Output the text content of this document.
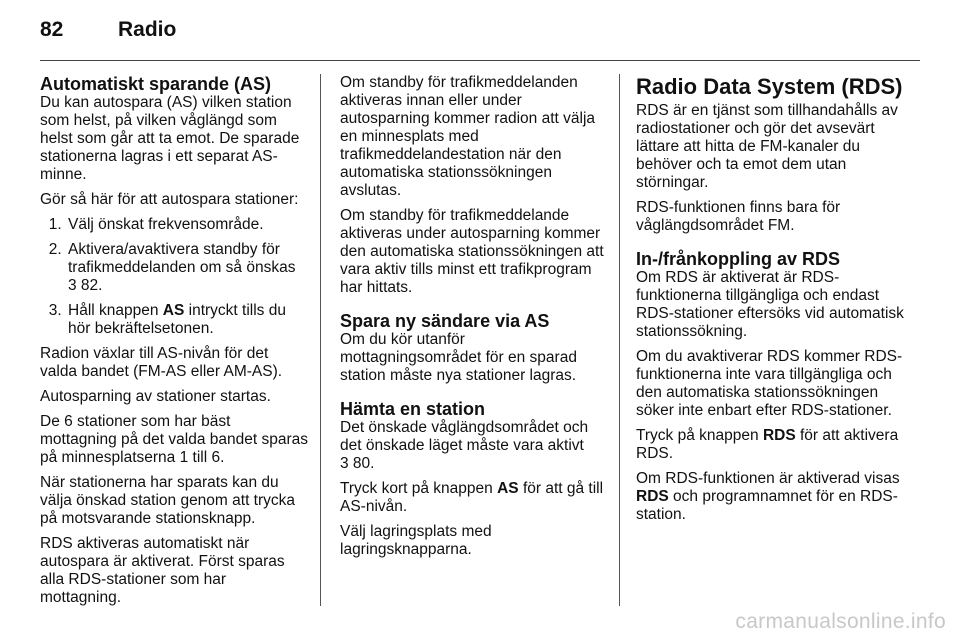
82	Radio
Automatiskt sparande (AS)

Du kan autospara (AS) vilken station som helst, på vilken våglängd som helst som går att ta emot. De sparade stationerna lagras i ett separat AS-minne.

Gör så här för att autospara stationer:

1. Välj önskat frekvensområde.
2. Aktivera/avaktivera standby för trafikmeddelanden om så önskas 3 82.
3. Håll knappen AS intryckt tills du hör bekräftelsetonen.

Radion växlar till AS-nivån för det valda bandet (FM-AS eller AM-AS).

Autosparning av stationer startas.

De 6 stationer som har bäst mottagning på det valda bandet sparas på minnesplatserna 1 till 6.

När stationerna har sparats kan du välja önskad station genom att trycka på motsvarande stationsknapp.

RDS aktiveras automatiskt när autospara är aktiverat. Först sparas alla RDS-stationer som har mottagning.

Om standby för trafikmeddelanden aktiveras innan eller under autosparning kommer radion att välja en minnesplats med trafikmeddelandestation när den automatiska stationssökningen avslutas.

Om standby för trafikmeddelande aktiveras under autosparning kommer den automatiska stationssökningen att vara aktiv tills minst ett trafikprogram har hittats.

Spara ny sändare via AS

Om du kör utanför mottagningsområdet för en sparad station måste nya stationer lagras.

Hämta en station

Det önskade våglängdsområdet och det önskade läget måste vara aktivt
3 80.

Tryck kort på knappen AS för att gå till AS-nivån.

Välj lagringsplats med lagringsknapparna.

Radio Data System (RDS)

RDS är en tjänst som tillhandahålls av radiostationer och gör det avsevärt lättare att hitta de FM-kanaler du behöver och ta emot dem utan störningar.

RDS-funktionen finns bara för våglängdsområdet FM.

In-/frånkoppling av RDS

Om RDS är aktiverat är RDS-funktionerna tillgängliga och endast RDS-stationer eftersöks vid automatisk stationssökning.

Om du avaktiverar RDS kommer RDS-funktionerna inte vara tillgängliga och den automatiska stationssökningen söker inte enbart efter RDS-stationer.

Tryck på knappen RDS för att aktivera RDS.

Om RDS-funktionen är aktiverad visas RDS och programnamnet för en RDS-station.

carmanualsonline.info
